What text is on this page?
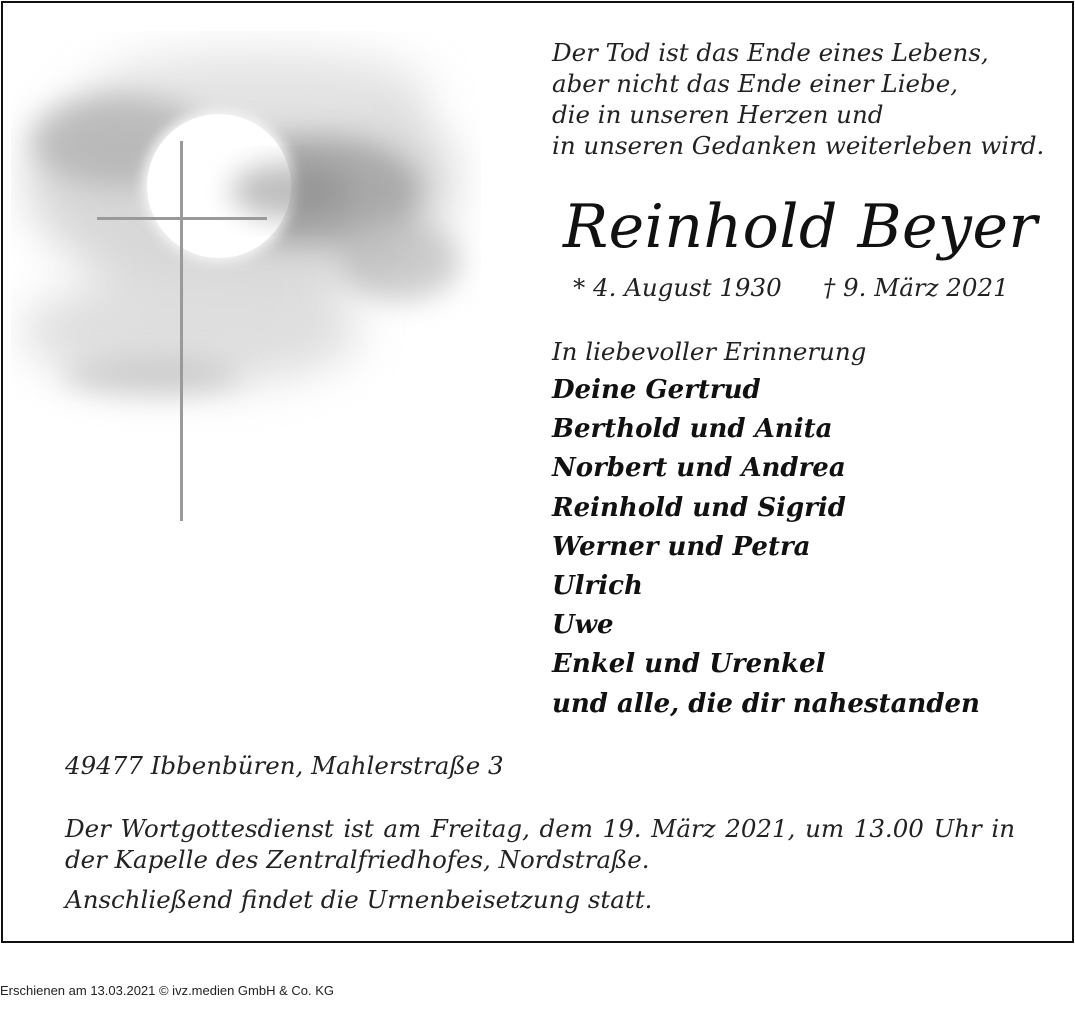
Der Tod ist das Ende eines Lebens,
aber nicht das Ende einer Liebe,
die in unseren Herzen und
in unseren Gedanken weiterleben wird.
Reinhold Beyer
* 4. August 1930 † 9. März 2021
In liebevoller Erinnerung
Deine Gertrud
Berthold und Anita
Norbert und Andrea
Reinhold und Sigrid
Werner und Petra
Ulrich
Uwe
Enkel und Urenkel
und alle, die dir nahestanden
49477 Ibbenbüren, Mahlerstraße 3
Der Wortgottesdienst ist am Freitag, dem 19. März 2021, um 13.00 Uhr in der Kapelle des Zentralfriedhofes, Nordstraße.
Anschließend findet die Urnenbeisetzung statt.
Erschienen am 13.03.2021 © ivz.medien GmbH & Co. KG
